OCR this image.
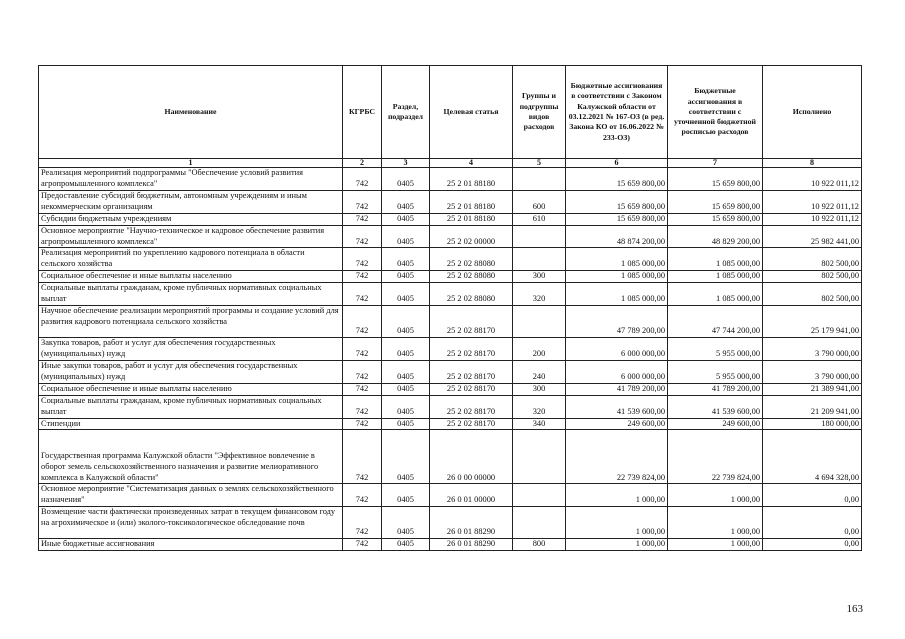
Наименование	КГРБС	Раздел, подраздел	Целевая статья	Группы и подгруппы видов расходов	Бюджетные ассигнования в соответствии с Законом Калужской области от 03.12.2021 № 167-ОЗ (в ред. Закона КО от 16.06.2022 № 233-ОЗ)	Бюджетные ассигнования в соответствии с уточненной бюджетной росписью расходов	Исполнено
1	2	3	4	5	6	7	8
Реализация мероприятий подпрограммы "Обеспечение условий развития агропромышленного комплекса"	742	0405	25 2 01 88180		15 659 800,00	15 659 800,00	10 922 011,12
Предоставление субсидий бюджетным, автономным учреждениям и иным некоммерческим организациям	742	0405	25 2 01 88180	600	15 659 800,00	15 659 800,00	10 922 011,12
Субсидии бюджетным учреждениям	742	0405	25 2 01 88180	610	15 659 800,00	15 659 800,00	10 922 011,12
Основное мероприятие "Научно-техническое и кадровое обеспечение развития агропромышленного комплекса"	742	0405	25 2 02 00000		48 874 200,00	48 829 200,00	25 982 441,00
Реализация мероприятий по укреплению кадрового потенциала в области сельского хозяйства	742	0405	25 2 02 88080		1 085 000,00	1 085 000,00	802 500,00
Социальное обеспечение и иные выплаты населению	742	0405	25 2 02 88080	300	1 085 000,00	1 085 000,00	802 500,00
Социальные выплаты гражданам, кроме публичных нормативных социальных выплат	742	0405	25 2 02 88080	320	1 085 000,00	1 085 000,00	802 500,00
Научное обеспечение реализации мероприятий программы и создание условий для развития кадрового потенциала сельского хозяйства	742	0405	25 2 02 88170		47 789 200,00	47 744 200,00	25 179 941,00
Закупка товаров, работ и услуг для обеспечения государственных (муниципальных) нужд	742	0405	25 2 02 88170	200	6 000 000,00	5 955 000,00	3 790 000,00
Иные закупки товаров, работ и услуг для обеспечения государственных (муниципальных) нужд	742	0405	25 2 02 88170	240	6 000 000,00	5 955 000,00	3 790 000,00
Социальное обеспечение и иные выплаты населению	742	0405	25 2 02 88170	300	41 789 200,00	41 789 200,00	21 389 941,00
Социальные выплаты гражданам, кроме публичных нормативных социальных выплат	742	0405	25 2 02 88170	320	41 539 600,00	41 539 600,00	21 209 941,00
Стипендии	742	0405	25 2 02 88170	340	249 600,00	249 600,00	180 000,00
Государственная программа Калужской области "Эффективное вовлечение в оборот земель сельскохозяйственного назначения и развитие мелиоративного комплекса в Калужской области"	742	0405	26 0 00 00000		22 739 824,00	22 739 824,00	4 694 328,00
Основное мероприятие "Систематизация данных о землях сельскохозяйственного назначения"	742	0405	26 0 01 00000		1 000,00	1 000,00	0,00
Возмещение части фактически произведенных затрат в текущем финансовом году на агрохимическое и (или) эколого-токсикологическое обследование почв	742	0405	26 0 01 88290		1 000,00	1 000,00	0,00
Иные бюджетные ассигнования	742	0405	26 0 01 88290	800	1 000,00	1 000,00	0,00
163
